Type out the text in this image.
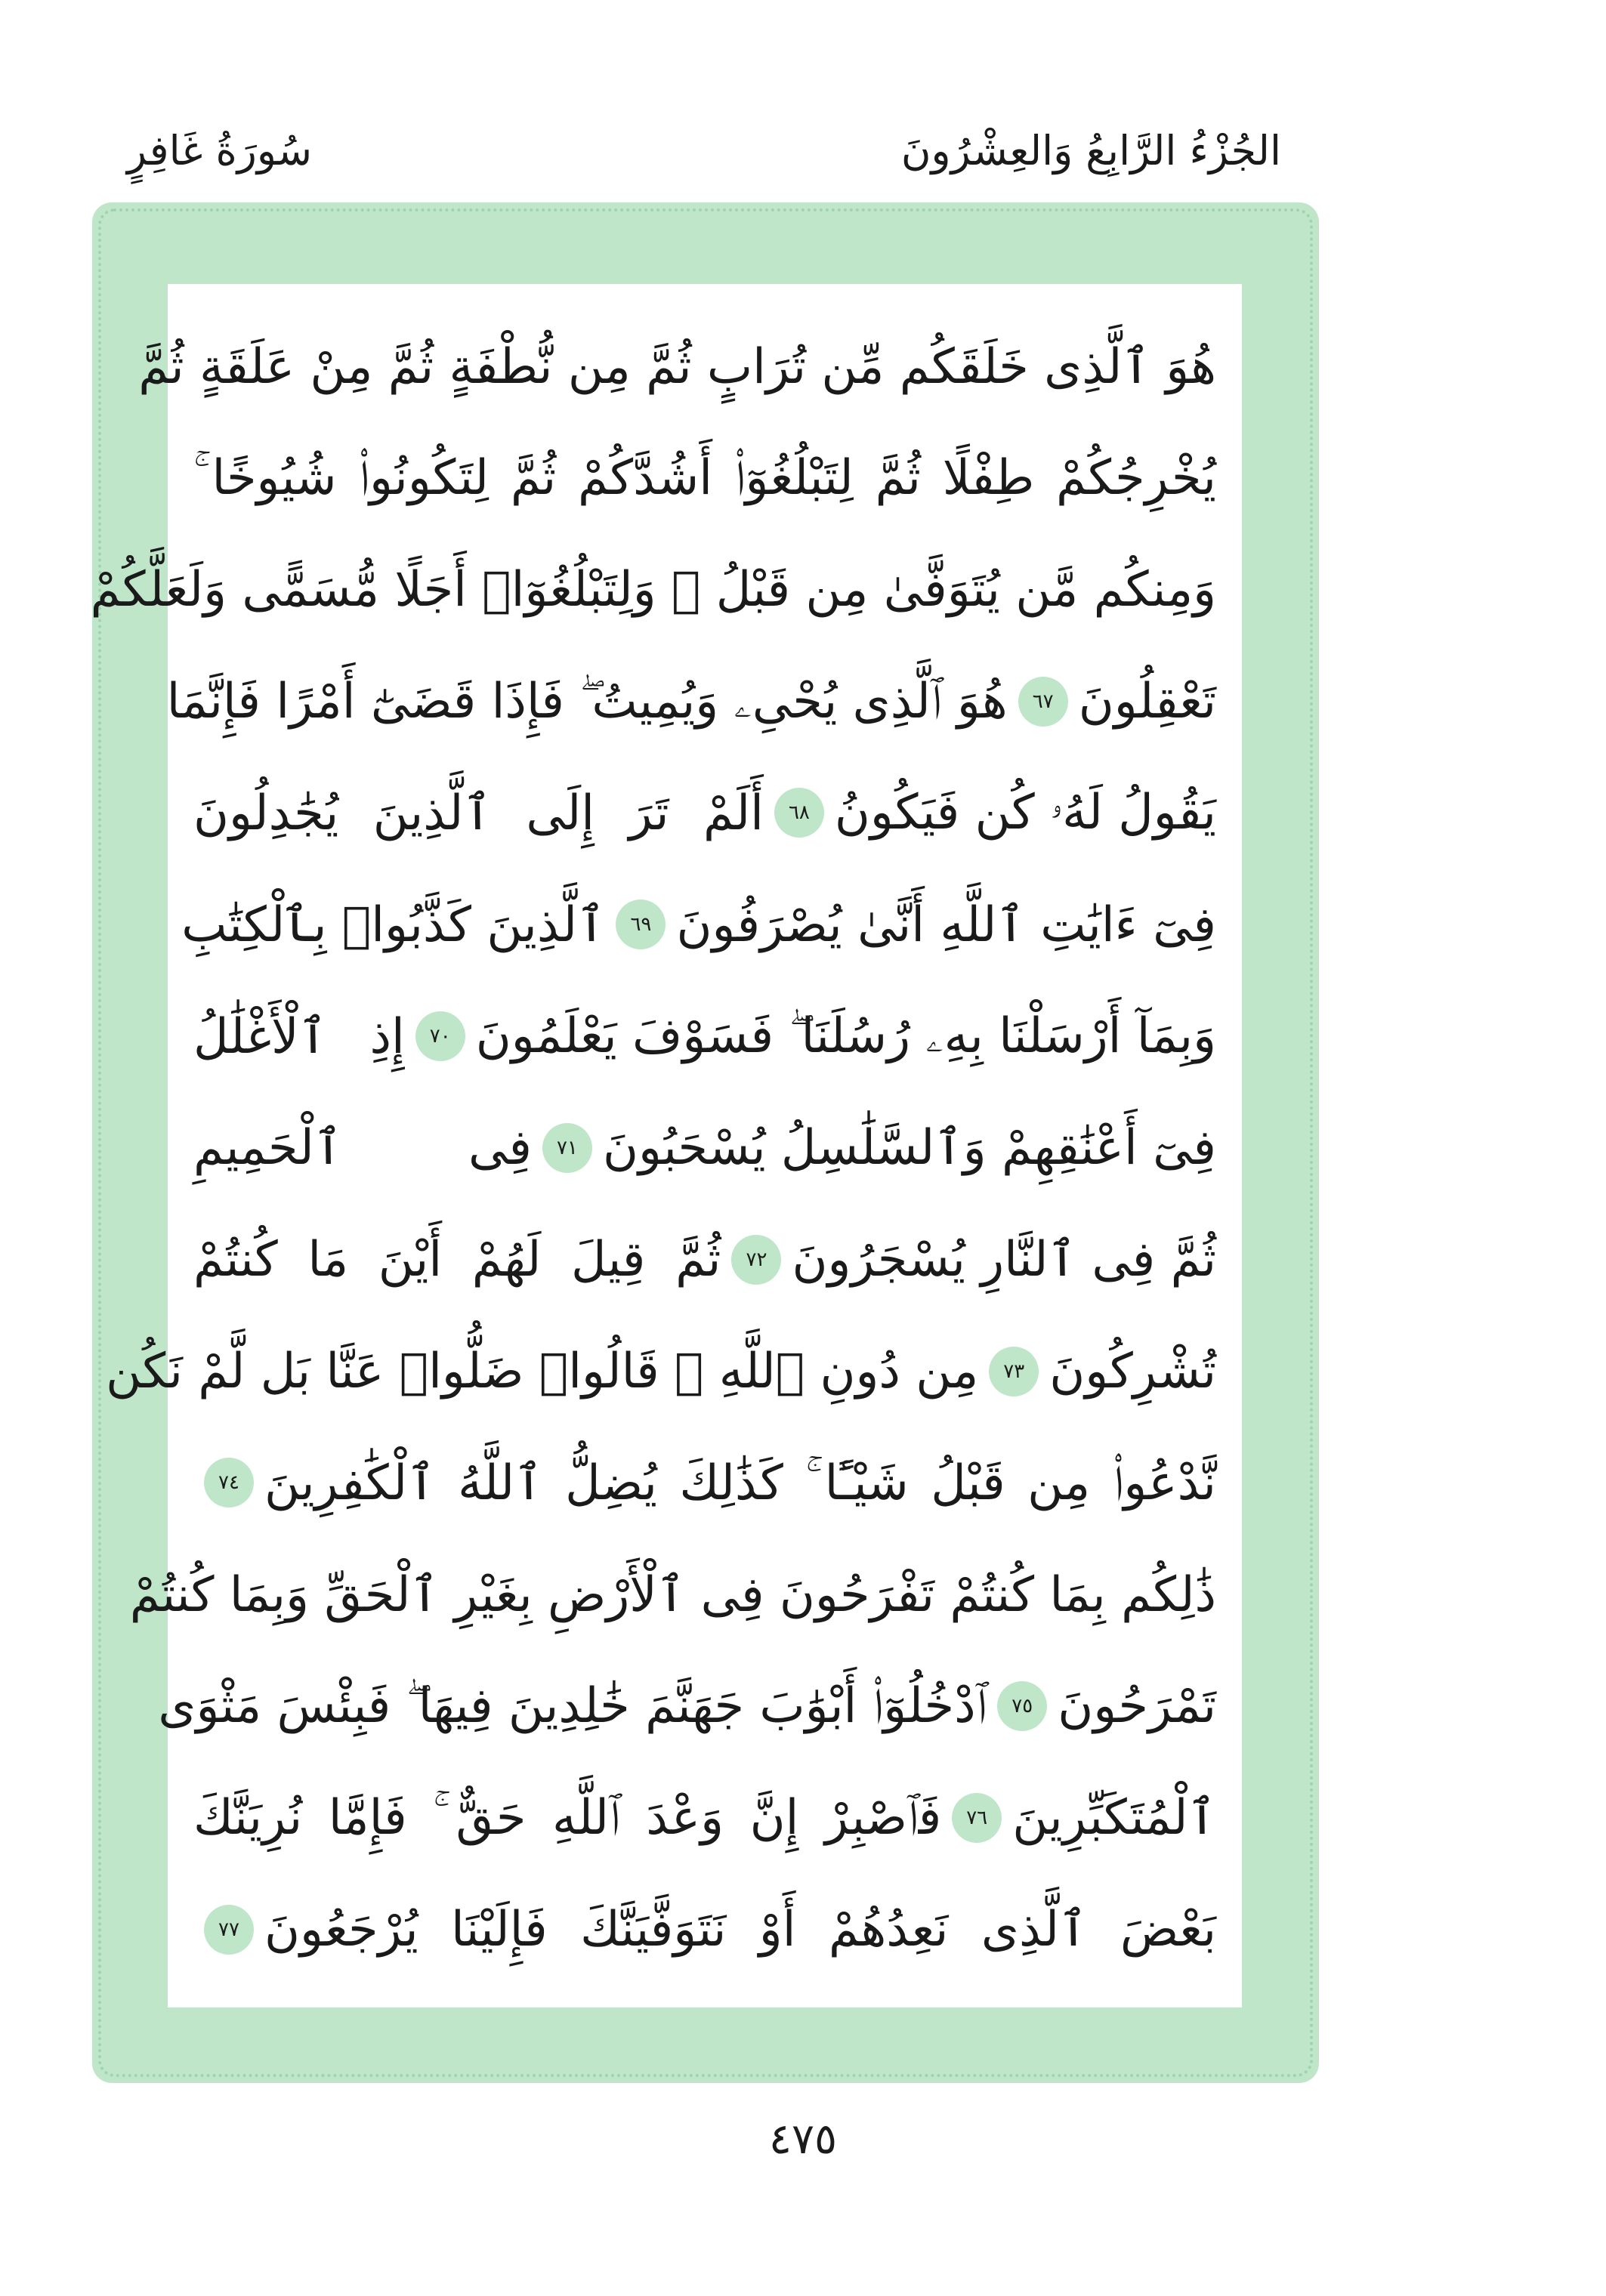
سُورَةُ غَافِرٍ	الجُزْءُ الرَّابِعُ وَالعِشْرُونَ
هُوَ ٱلَّذِى خَلَقَكُم مِّن تُرَابٍ ثُمَّ مِن نُّطْفَةٍ ثُمَّ مِنْ عَلَقَةٍ ثُمَّ
يُخْرِجُكُمْ طِفْلًا ثُمَّ لِتَبْلُغُوٓا۟ أَشُدَّكُمْ ثُمَّ لِتَكُونُوا۟ شُيُوخًا ۚ
وَمِنكُم مَّن يُتَوَفَّىٰ مِن قَبْلُ ۖ وَلِتَبْلُغُوٓا۟ أَجَلًا مُّسَمًّى وَلَعَلَّكُمْ
تَعْقِلُونَ
٦٧
هُوَ ٱلَّذِى يُحْىِۦ وَيُمِيتُ ۖ فَإِذَا قَضَىٰٓ أَمْرًا فَإِنَّمَا
يَقُولُ لَهُۥ كُن فَيَكُونُ
٦٨
أَلَمْ تَرَ إِلَى ٱلَّذِينَ يُجَٰدِلُونَ
فِىٓ ءَايَٰتِ ٱللَّهِ أَنَّىٰ يُصْرَفُونَ
٦٩
ٱلَّذِينَ كَذَّبُوا۟ بِٱلْكِتَٰبِ
وَبِمَآ أَرْسَلْنَا بِهِۦ رُسُلَنَا ۖ فَسَوْفَ يَعْلَمُونَ
٧٠
إِذِ ٱلْأَغْلَٰلُ
فِىٓ أَعْنَٰقِهِمْ وَٱلسَّلَٰسِلُ يُسْحَبُونَ
٧١
فِى ٱلْحَمِيمِ
ثُمَّ فِى ٱلنَّارِ يُسْجَرُونَ
٧٢
ثُمَّ قِيلَ لَهُمْ أَيْنَ مَا كُنتُمْ
تُشْرِكُونَ
٧٣
مِن دُونِ ٱللَّهِ ۖ قَالُوا۟ ضَلُّوا۟ عَنَّا بَل لَّمْ نَكُن
نَّدْعُوا۟ مِن قَبْلُ شَيْـًٔا ۚ كَذَٰلِكَ يُضِلُّ ٱللَّهُ ٱلْكَٰفِرِينَ
٧٤
ذَٰلِكُم بِمَا كُنتُمْ تَفْرَحُونَ فِى ٱلْأَرْضِ بِغَيْرِ ٱلْحَقِّ وَبِمَا كُنتُمْ
تَمْرَحُونَ
٧٥
ٱدْخُلُوٓا۟ أَبْوَٰبَ جَهَنَّمَ خَٰلِدِينَ فِيهَا ۖ فَبِئْسَ مَثْوَى
ٱلْمُتَكَبِّرِينَ
٧٦
فَٱصْبِرْ إِنَّ وَعْدَ ٱللَّهِ حَقٌّ ۚ فَإِمَّا نُرِيَنَّكَ
بَعْضَ ٱلَّذِى نَعِدُهُمْ أَوْ نَتَوَفَّيَنَّكَ فَإِلَيْنَا يُرْجَعُونَ
٧٧
٤٧٥
